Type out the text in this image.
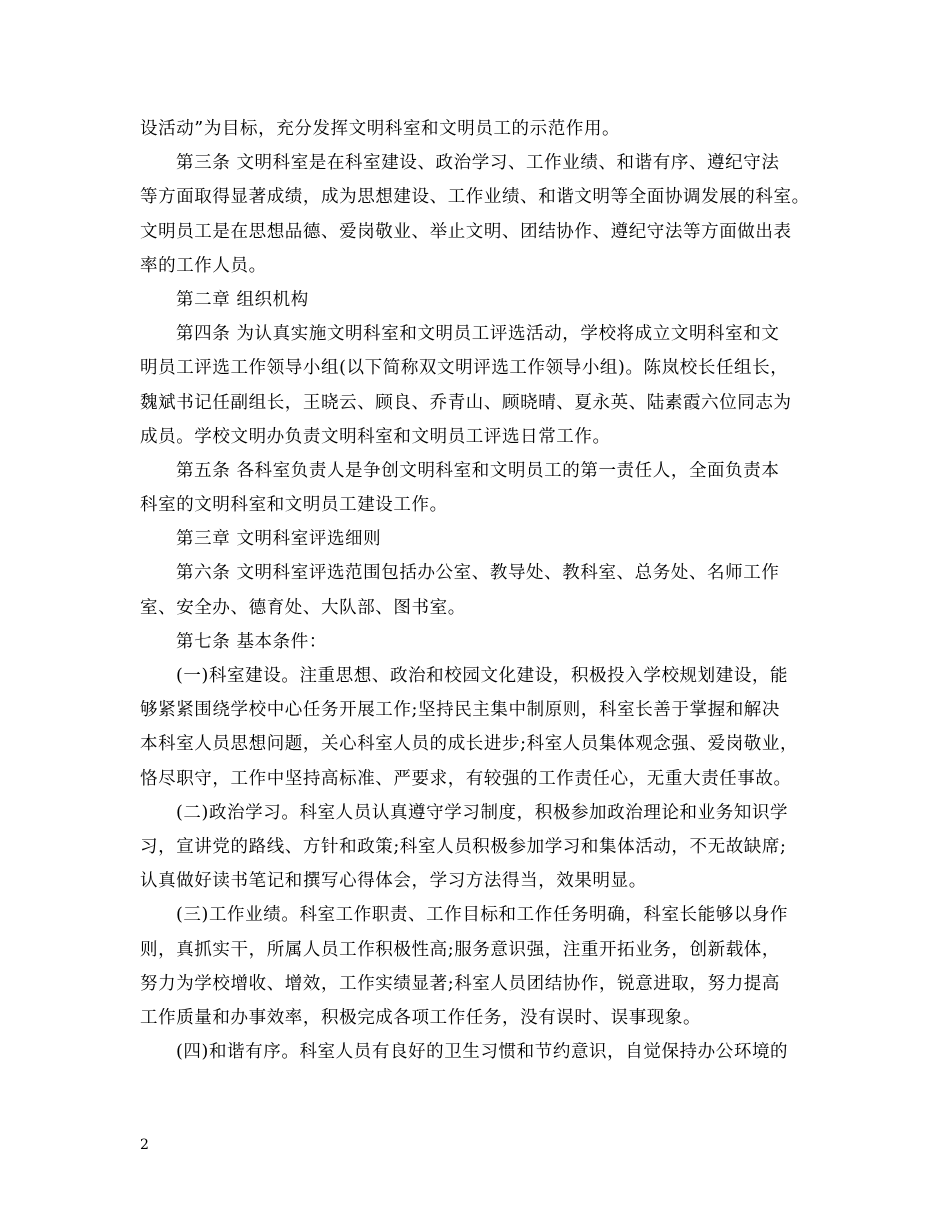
设活动”为目标，充分发挥文明科室和文明员工的示范作用。
第三条 文明科室是在科室建设、政治学习、工作业绩、和谐有序、遵纪守法
等方面取得显著成绩，成为思想建设、工作业绩、和谐文明等全面协调发展的科室。
文明员工是在思想品德、爱岗敬业、举止文明、团结协作、遵纪守法等方面做出表
率的工作人员。
第二章 组织机构
第四条 为认真实施文明科室和文明员工评选活动，学校将成立文明科室和文
明员工评选工作领导小组(以下简称双文明评选工作领导小组)。陈岚校长任组长，
魏斌书记任副组长，王晓云、顾良、乔青山、顾晓晴、夏永英、陆素霞六位同志为
成员。学校文明办负责文明科室和文明员工评选日常工作。
第五条 各科室负责人是争创文明科室和文明员工的第一责任人，全面负责本
科室的文明科室和文明员工建设工作。
第三章 文明科室评选细则
第六条 文明科室评选范围包括办公室、教导处、教科室、总务处、名师工作
室、安全办、德育处、大队部、图书室。
第七条 基本条件：
(一)科室建设。注重思想、政治和校园文化建设，积极投入学校规划建设，能
够紧紧围绕学校中心任务开展工作;坚持民主集中制原则，科室长善于掌握和解决
本科室人员思想问题，关心科室人员的成长进步;科室人员集体观念强、爱岗敬业，
恪尽职守，工作中坚持高标准、严要求，有较强的工作责任心，无重大责任事故。
(二)政治学习。科室人员认真遵守学习制度，积极参加政治理论和业务知识学
习，宣讲党的路线、方针和政策;科室人员积极参加学习和集体活动，不无故缺席;
认真做好读书笔记和撰写心得体会，学习方法得当，效果明显。
(三)工作业绩。科室工作职责、工作目标和工作任务明确，科室长能够以身作
则，真抓实干，所属人员工作积极性高;服务意识强，注重开拓业务，创新载体，
努力为学校增收、增效，工作实绩显著;科室人员团结协作，锐意进取，努力提高
工作质量和办事效率，积极完成各项工作任务，没有误时、误事现象。
(四)和谐有序。科室人员有良好的卫生习惯和节约意识，自觉保持办公环境的
2
